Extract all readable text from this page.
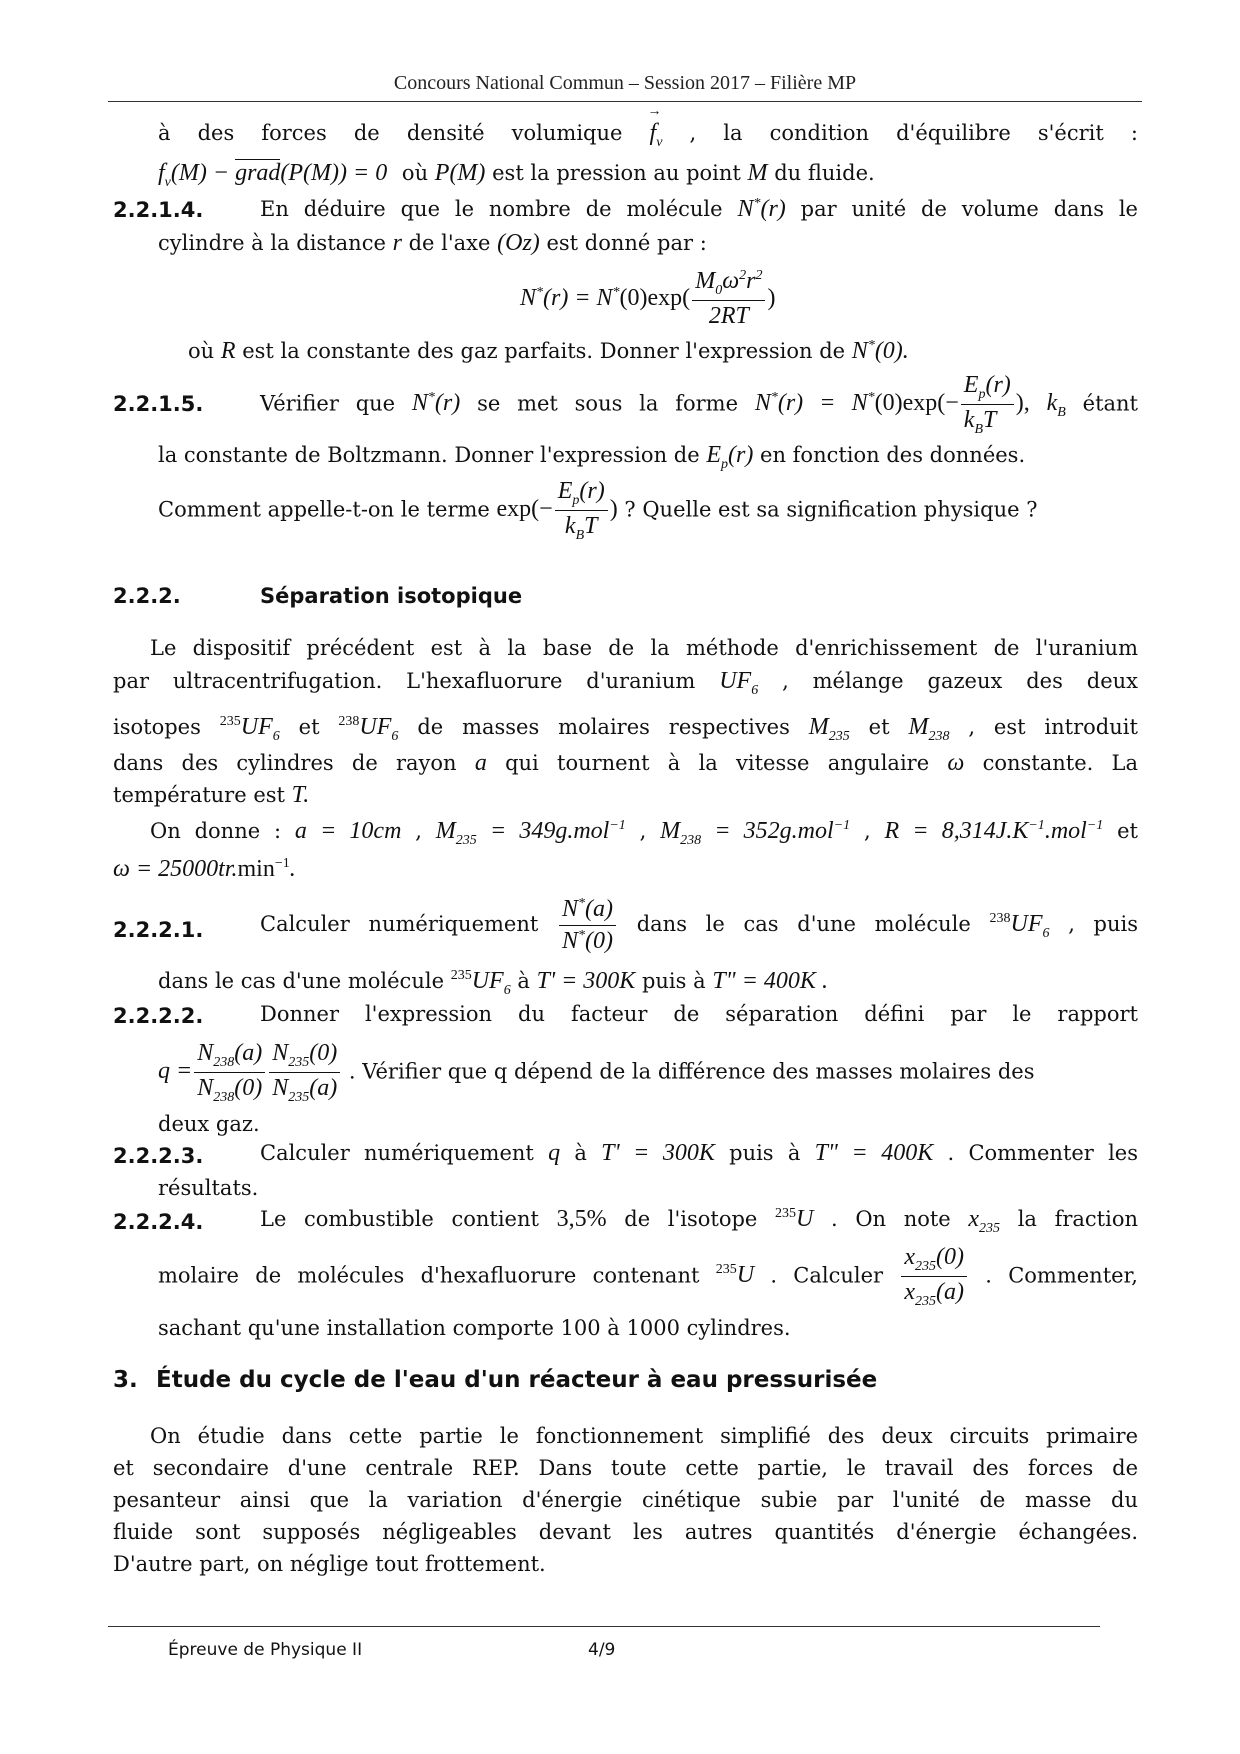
Concours National Commun – Session 2017 – Filière MP
à des forces de densité volumique f
→
$_v$ , la condition d'équilibre s'écrit :
$f_v(M)$ − grad(P(M)) = 0 où P(M) est la pression au point M du fluide.
2.2.1.4.	En déduire que le nombre de molécule N*(r) par unité de volume dans le
cylindre à la distance r de l'axe (Oz) est donné par :
$N^*(r) = N^*(0)\exp( \frac{M_0\omega^2r^2}{2RT}$ )
où R est la constante des gaz parfaits. Donner l'expression de N*(0).
2.2.1.5.	Vérifier que N*(r) se met sous la forme $N^*(r) = N^*(0)\exp(- \frac{E_p(r)}{k_BT}$ ), $k_B$ étant
la constante de Boltzmann. Donner l'expression de $E_p(r)$ en fonction des données.
Comment appelle-t-on le terme $\exp(- \frac{E_p(r)}{k_BT}$ ) ? Quelle est sa signification physique ?
2.2.2.	Séparation isotopique
Le dispositif précédent est à la base de la méthode d'enrichissement de l'uranium
par ultracentrifugation. L'hexafluorure d'uranium $UF_6$ , mélange gazeux des deux
isotopes $^{235}UF_6$ et $^{238}UF_6$ de masses molaires respectives $M_{235}$ et $M_{238}$ , est introduit
dans des cylindres de rayon a qui tournent à la vitesse angulaire ω constante. La
température est T.
On donne : a = 10cm , $M_{235} = 349g.mol^{-1}$ , $M_{238} = 352g.mol^{-1}$ , $R = 8,314J.K^{-1}.mol^{-1}$ et
$\omega = 25000tr.\min^{-1}$.
2.2.2.1.	Calculer numériquement $\frac{N^*(a)}{N^*(0)}$ dans le cas d'une molécule $^{238}UF_6$ , puis
dans le cas d'une molécule $^{235}UF_6$ à T' = 300K puis à T" = 400K .
2.2.2.2.	Donner l'expression du facteur de séparation défini par le rapport
$q = \frac{N_{238}(a)}{N_{238}(0)} \frac{N_{235}(0)}{N_{235}(a)}$ . Vérifier que q dépend de la différence des masses molaires des
deux gaz.
2.2.2.3.	Calculer numériquement q à T' = 300K puis à T" = 400K . Commenter les
résultats.
2.2.2.4.	Le combustible contient 3,5% de l'isotope $^{235}$U . On note $x_{235}$ la fraction
molaire de molécules d'hexafluorure contenant $^{235}$U . Calculer $\frac{x_{235}(0)}{x_{235}(a)}$ . Commenter,
sachant qu'une installation comporte 100 à 1000 cylindres.
3. Étude du cycle de l'eau d'un réacteur à eau pressurisée
On étudie dans cette partie le fonctionnement simplifié des deux circuits primaire
et secondaire d'une centrale REP. Dans toute cette partie, le travail des forces de
pesanteur ainsi que la variation d'énergie cinétique subie par l'unité de masse du
fluide sont supposés négligeables devant les autres quantités d'énergie échangées.
D'autre part, on néglige tout frottement.
Épreuve de Physique II	4/9
